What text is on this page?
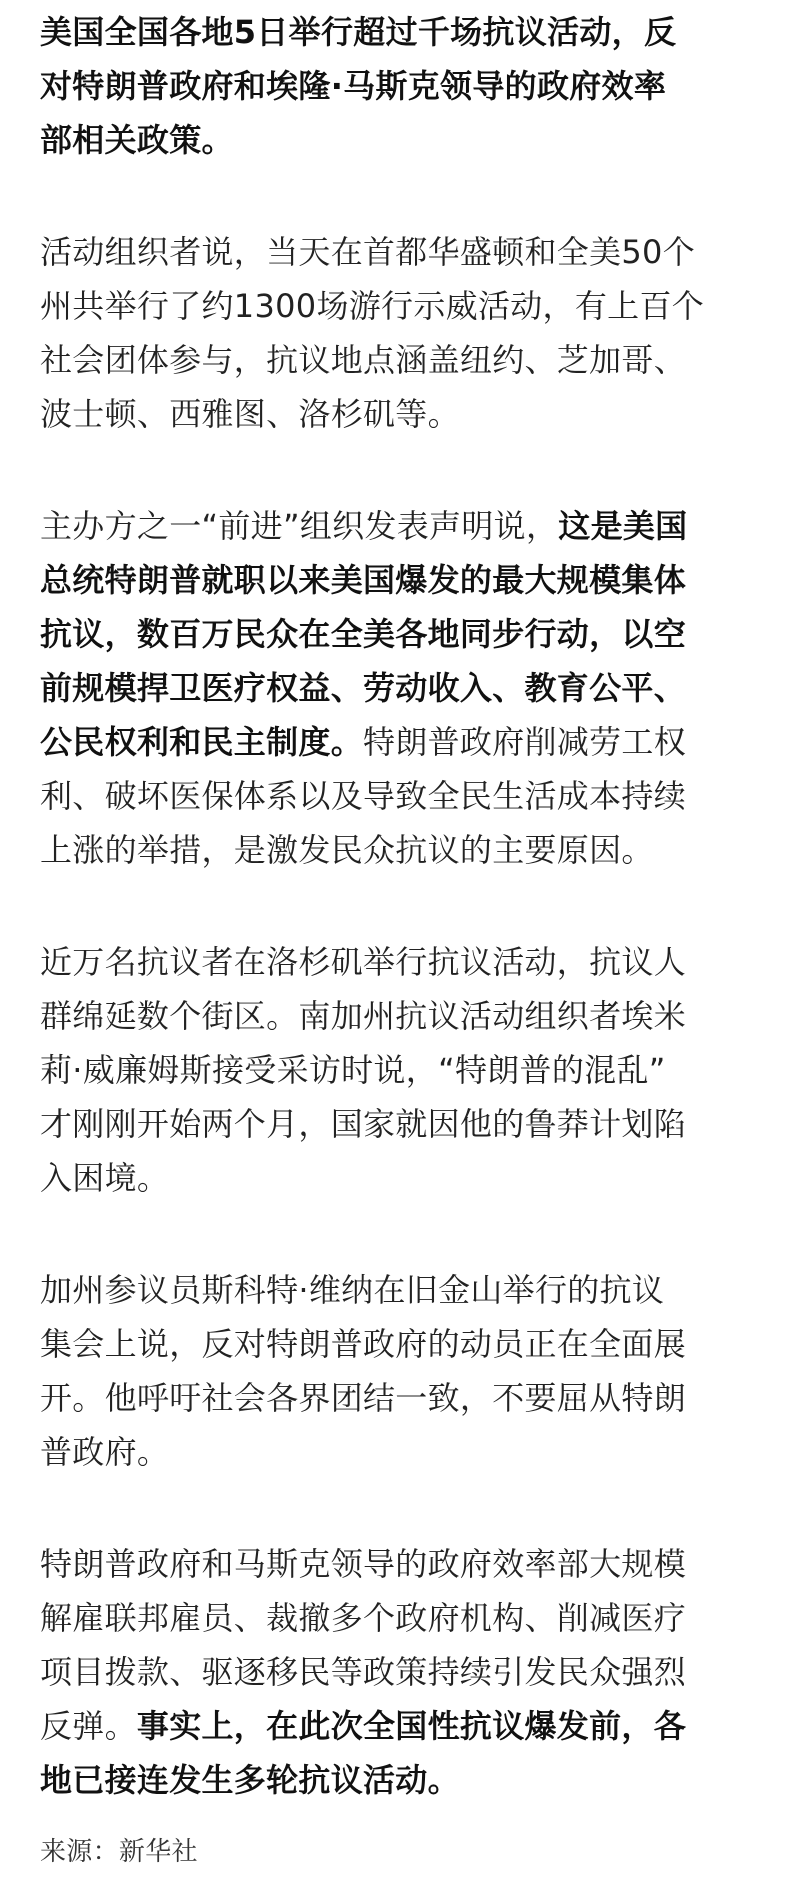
美国全国各地5日举行超过千场抗议活动，反
对特朗普政府和埃隆·马斯克领导的政府效率
部相关政策。
活动组织者说，当天在首都华盛顿和全美50个
州共举行了约1300场游行示威活动，有上百个
社会团体参与，抗议地点涵盖纽约、芝加哥、
波士顿、西雅图、洛杉矶等。
主办方之一“前进”组织发表声明说，这是美国
总统特朗普就职以来美国爆发的最大规模集体
抗议，数百万民众在全美各地同步行动，以空
前规模捍卫医疗权益、劳动收入、教育公平、
公民权利和民主制度。特朗普政府削减劳工权
利、破坏医保体系以及导致全民生活成本持续
上涨的举措，是激发民众抗议的主要原因。
近万名抗议者在洛杉矶举行抗议活动，抗议人
群绵延数个街区。南加州抗议活动组织者埃米
莉·威廉姆斯接受采访时说，“特朗普的混乱”
才刚刚开始两个月，国家就因他的鲁莽计划陷
入困境。
加州参议员斯科特·维纳在旧金山举行的抗议
集会上说，反对特朗普政府的动员正在全面展
开。他呼吁社会各界团结一致，不要屈从特朗
普政府。
特朗普政府和马斯克领导的政府效率部大规模
解雇联邦雇员、裁撤多个政府机构、削减医疗
项目拨款、驱逐移民等政策持续引发民众强烈
反弹。事实上，在此次全国性抗议爆发前，各
地已接连发生多轮抗议活动。
来源：新华社
